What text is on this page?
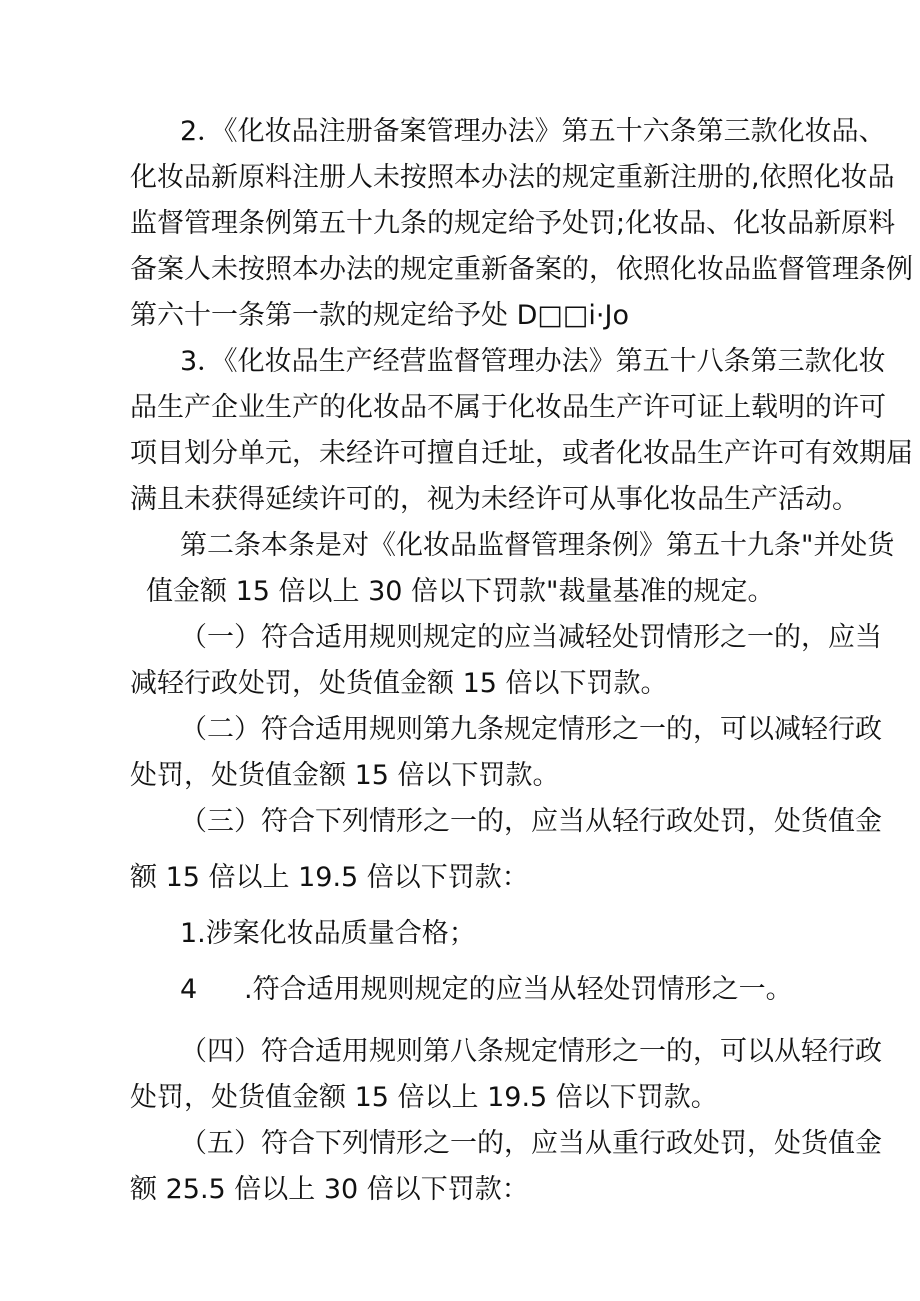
2．《化妆品注册备案管理办法》第五十六条第三款化妆品、
化妆品新原料注册人未按照本办法的规定重新注册的,依照化妆品
监督管理条例第五十九条的规定给予处罚;化妆品、化妆品新原料
备案人未按照本办法的规定重新备案的，依照化妆品监督管理条例
第六十一条第一款的规定给予处 D□□i·Jo
3．《化妆品生产经营监督管理办法》第五十八条第三款化妆
品生产企业生产的化妆品不属于化妆品生产许可证上载明的许可
项目划分单元，未经许可擅自迁址，或者化妆品生产许可有效期届
满且未获得延续许可的，视为未经许可从事化妆品生产活动。
第二条本条是对《化妆品监督管理条例》第五十九条"并处货
值金额 15 倍以上 30 倍以下罚款"裁量基准的规定。
（一）符合适用规则规定的应当减轻处罚情形之一的，应当
减轻行政处罚，处货值金额 15 倍以下罚款。
（二）符合适用规则第九条规定情形之一的，可以减轻行政
处罚，处货值金额 15 倍以下罚款。
（三）符合下列情形之一的，应当从轻行政处罚，处货值金
额 15 倍以上 19.5 倍以下罚款：
1.涉案化妆品质量合格；
4 .符合适用规则规定的应当从轻处罚情形之一。
（四）符合适用规则第八条规定情形之一的，可以从轻行政
处罚，处货值金额 15 倍以上 19.5 倍以下罚款。
（五）符合下列情形之一的，应当从重行政处罚，处货值金
额 25.5 倍以上 30 倍以下罚款：
